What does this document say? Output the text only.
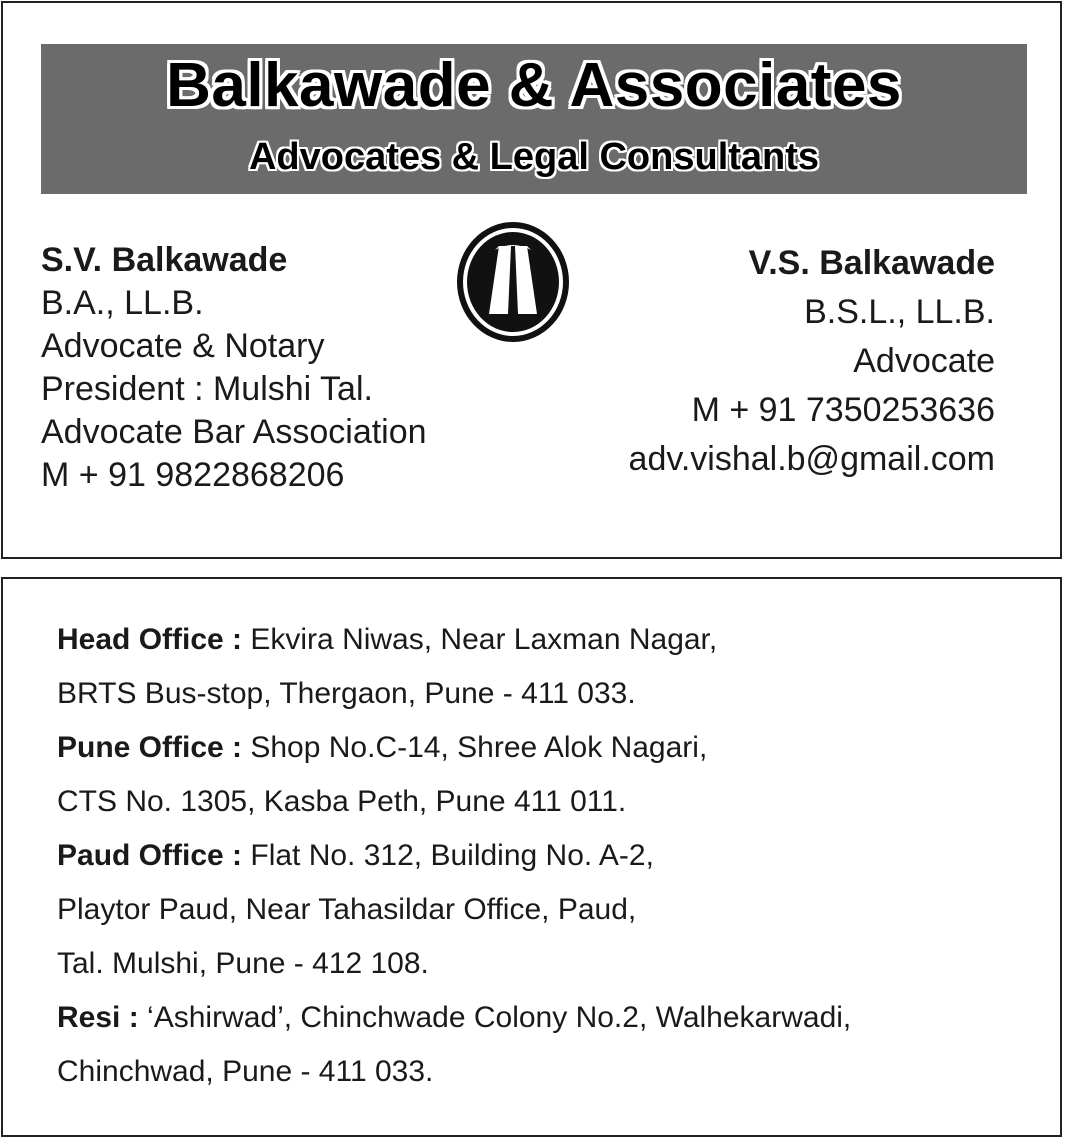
Balkawade & Associates
Advocates & Legal Consultants
S.V. Balkawade
B.A., LL.B.
Advocate & Notary
President : Mulshi Tal.
Advocate Bar Association
M + 91 9822868206
V.S. Balkawade
B.S.L., LL.B.
Advocate
M + 91 7350253636
adv.vishal.b@gmail.com
Head Office : Ekvira Niwas, Near Laxman Nagar,
BRTS Bus-stop, Thergaon, Pune - 411 033.
Pune Office : Shop No.C-14, Shree Alok Nagari,
CTS No. 1305, Kasba Peth, Pune 411 011.
Paud Office : Flat No. 312, Building No. A-2,
Playtor Paud, Near Tahasildar Office, Paud,
Tal. Mulshi, Pune - 412 108.
Resi : ‘Ashirwad’, Chinchwade Colony No.2, Walhekarwadi,
Chinchwad, Pune - 411 033.
